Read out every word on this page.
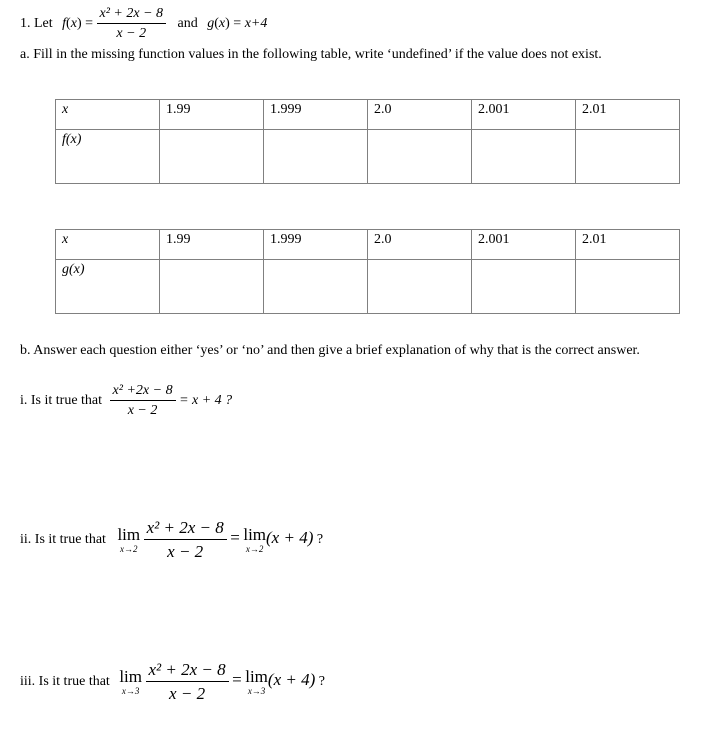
1. Let $f(x) = \frac{\text{x² + 2x − 8}}{x - 2}$ and g(x) = x+4
a. Fill in the missing function values in the following table, write ‘undefined’ if the value does not exist.
x	1.99	1.999	2.0	2.001	2.01
f(x)					
x	1.99	1.999	2.0	2.001	2.01
g(x)					
b. Answer each question either ‘yes’ or ‘no’ and then give a brief explanation of why that is the correct answer.
i. Is it true that $\frac{\text{x² +2x − 8}}{x - 2} = x + 4$ ?
ii. Is it true that lim
x→2
$\frac{\text{x² + 2x − 8}}{x - 2} = \lim$
x→2
(x + 4) ?
iii. Is it true that lim
x→3
$\frac{\text{x² + 2x − 8}}{x - 2} = \lim$
x→3
(x + 4) ?
